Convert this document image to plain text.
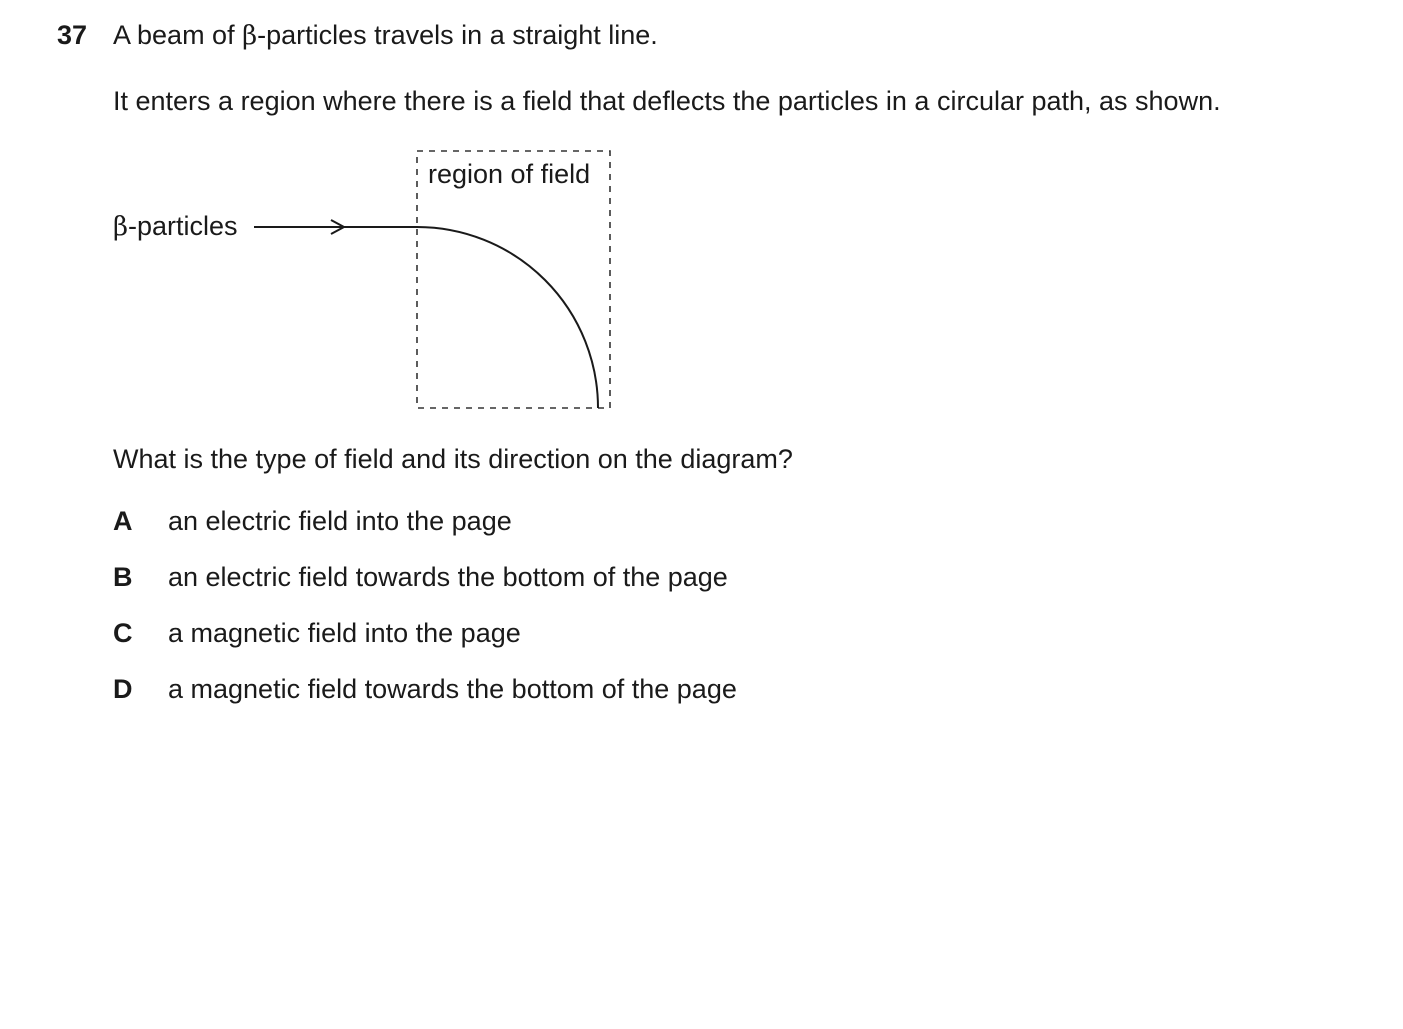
37 A beam of β-particles travels in a straight line.
It enters a region where there is a field that deflects the particles in a circular path, as shown.
region of field
β-particles
What is the type of field and its direction on the diagram?
A an electric field into the page
B an electric field towards the bottom of the page
C a magnetic field into the page
D a magnetic field towards the bottom of the page
